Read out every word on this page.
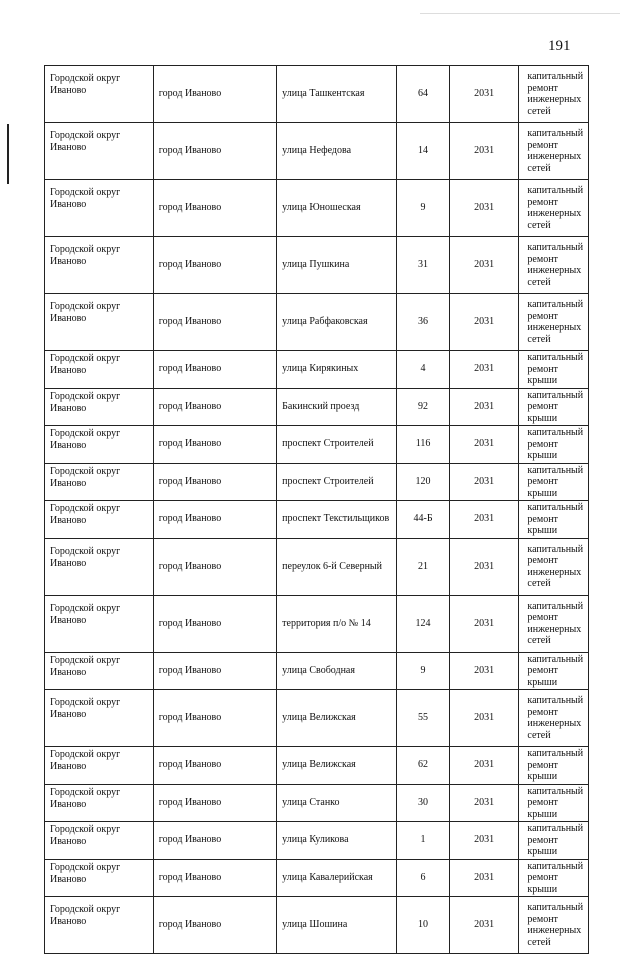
191
Городской округ Иваново	город Иваново	улица Ташкентская	64	2031	капитальный ремонт инженерных сетей
Городской округ Иваново	город Иваново	улица Нефедова	14	2031	капитальный ремонт инженерных сетей
Городской округ Иваново	город Иваново	улица Юношеская	9	2031	капитальный ремонт инженерных сетей
Городской округ Иваново	город Иваново	улица Пушкина	31	2031	капитальный ремонт инженерных сетей
Городской округ Иваново	город Иваново	улица Рабфаковская	36	2031	капитальный ремонт инженерных сетей
Городской округ Иваново	город Иваново	улица Кирякиных	4	2031	капитальный ремонт крыши
Городской округ Иваново	город Иваново	Бакинский проезд	92	2031	капитальный ремонт крыши
Городской округ Иваново	город Иваново	проспект Строителей	116	2031	капитальный ремонт крыши
Городской округ Иваново	город Иваново	проспект Строителей	120	2031	капитальный ремонт крыши
Городской округ Иваново	город Иваново	проспект Текстильщиков	44-Б	2031	капитальный ремонт крыши
Городской округ Иваново	город Иваново	переулок 6-й Северный	21	2031	капитальный ремонт инженерных сетей
Городской округ Иваново	город Иваново	территория п/о № 14	124	2031	капитальный ремонт инженерных сетей
Городской округ Иваново	город Иваново	улица Свободная	9	2031	капитальный ремонт крыши
Городской округ Иваново	город Иваново	улица Велижская	55	2031	капитальный ремонт инженерных сетей
Городской округ Иваново	город Иваново	улица Велижская	62	2031	капитальный ремонт крыши
Городской округ Иваново	город Иваново	улица Станко	30	2031	капитальный ремонт крыши
Городской округ Иваново	город Иваново	улица Куликова	1	2031	капитальный ремонт крыши
Городской округ Иваново	город Иваново	улица Кавалерийская	6	2031	капитальный ремонт крыши
Городской округ Иваново	город Иваново	улица Шошина	10	2031	капитальный ремонт инженерных сетей
